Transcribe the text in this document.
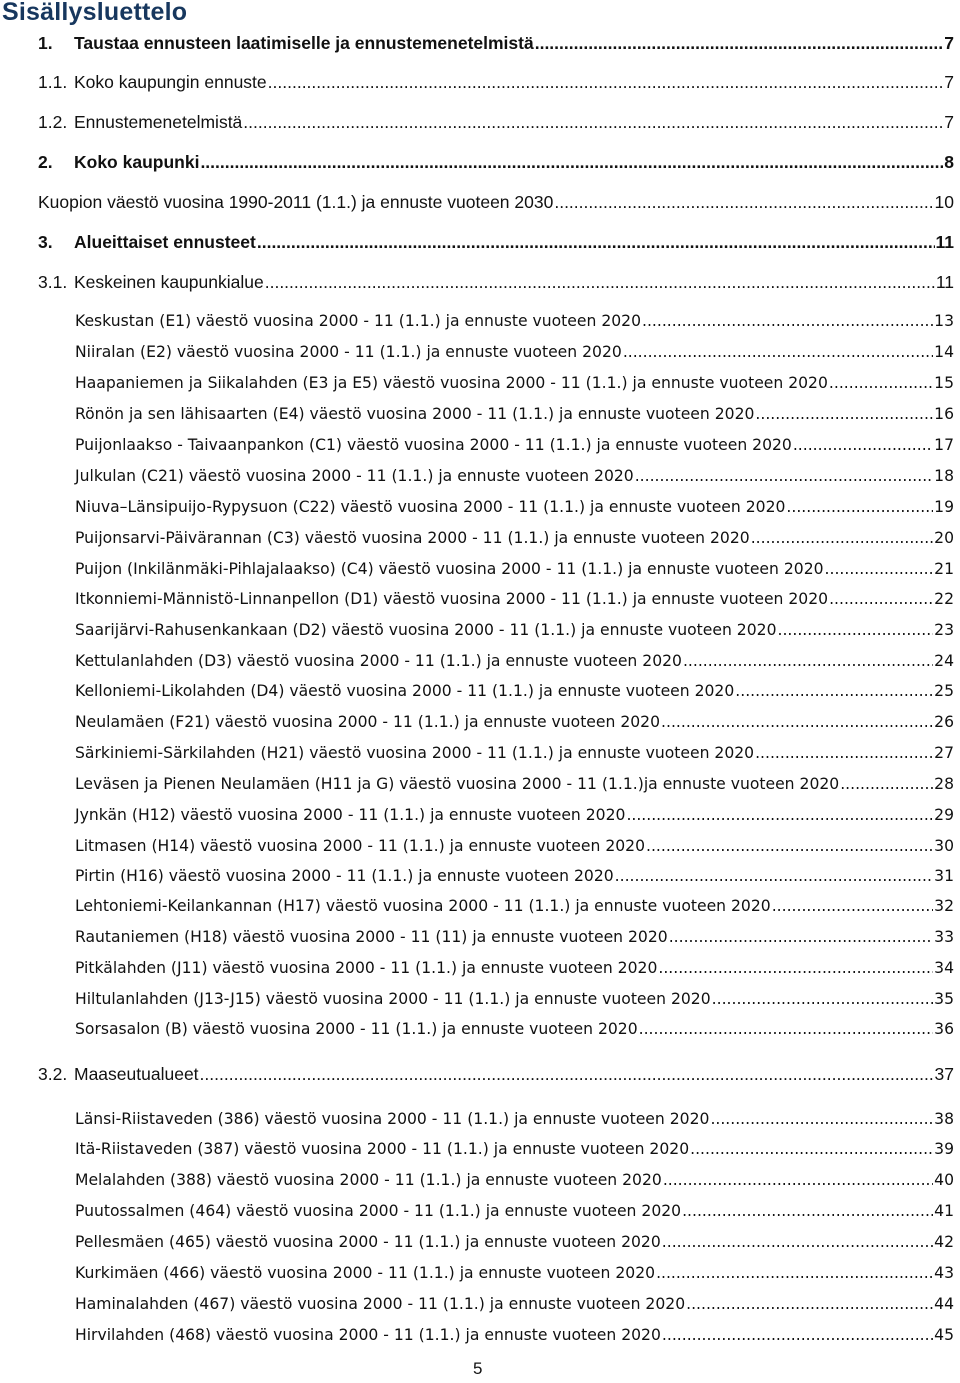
Sisällysluettelo
1.	Taustaa ennusteen laatimiselle ja ennustemenetelmistä .....	7
1.1. Koko kaupungin ennuste .....	7
1.2. Ennustemenetelmistä .....	7
2.	Koko kaupunki .....	8
Kuopion väestö vuosina 1990-2011 (1.1.) ja ennuste vuoteen 2030 .....	10
3.	Alueittaiset ennusteet .....	11
3.1. Keskeinen kaupunkialue .....	11
Keskustan (E1) väestö vuosina 2000 - 11 (1.1.) ja ennuste vuoteen 2020 .....	13
Niiralan (E2) väestö vuosina 2000 - 11 (1.1.) ja ennuste vuoteen 2020 .....	14
Haapaniemen ja Siikalahden (E3 ja E5) väestö vuosina 2000 - 11 (1.1.) ja ennuste vuoteen 2020 .....	15
Rönön ja sen lähisaarten (E4) väestö vuosina 2000 - 11 (1.1.) ja ennuste vuoteen 2020 .....	16
Puijonlaakso - Taivaanpankon (C1) väestö vuosina 2000 - 11 (1.1.) ja ennuste vuoteen 2020 .....	17
Julkulan (C21) väestö vuosina 2000 - 11 (1.1.) ja ennuste vuoteen 2020 .....	18
Niuva–Länsipuijo-Rypysuon (C22) väestö vuosina 2000 - 11 (1.1.) ja ennuste vuoteen 2020 .....	19
Puijonsarvi-Päivärannan (C3) väestö vuosina 2000 - 11 (1.1.) ja ennuste vuoteen 2020 .....	20
Puijon (Inkilänmäki-Pihlajalaakso) (C4) väestö vuosina 2000 - 11 (1.1.) ja ennuste vuoteen 2020 .....	21
Itkonniemi-Männistö-Linnanpellon (D1) väestö vuosina 2000 - 11 (1.1.) ja ennuste vuoteen 2020 .....	22
Saarijärvi-Rahusenkankaan (D2) väestö vuosina 2000 - 11 (1.1.) ja ennuste vuoteen 2020 .....	23
Kettulanlahden (D3) väestö vuosina 2000 - 11 (1.1.) ja ennuste vuoteen 2020 .....	24
Kelloniemi-Likolahden (D4) väestö vuosina 2000 - 11 (1.1.) ja ennuste vuoteen 2020 .....	25
Neulamäen (F21) väestö vuosina 2000 - 11 (1.1.) ja ennuste vuoteen 2020 .....	26
Särkiniemi-Särkilahden (H21) väestö vuosina 2000 - 11 (1.1.) ja ennuste vuoteen 2020 .....	27
Leväsen ja Pienen Neulamäen (H11 ja G) väestö vuosina 2000 - 11 (1.1.)ja ennuste vuoteen 2020 .....	28
Jynkän (H12) väestö vuosina 2000 - 11 (1.1.) ja ennuste vuoteen 2020 .....	29
Litmasen (H14) väestö vuosina 2000 - 11 (1.1.) ja ennuste vuoteen 2020 .....	30
Pirtin (H16) väestö vuosina 2000 - 11 (1.1.) ja ennuste vuoteen 2020 .....	31
Lehtoniemi-Keilankannan (H17) väestö vuosina 2000 - 11 (1.1.) ja ennuste vuoteen 2020 .....	32
Rautaniemen (H18) väestö vuosina 2000 - 11 (11) ja ennuste vuoteen 2020 .....	33
Pitkälahden (J11) väestö vuosina 2000 - 11 (1.1.) ja ennuste vuoteen 2020 .....	34
Hiltulanlahden (J13-J15) väestö vuosina 2000 - 11 (1.1.) ja ennuste vuoteen 2020 .....	35
Sorsasalon (B) väestö vuosina 2000 - 11 (1.1.) ja ennuste vuoteen 2020 .....	36
3.2. Maaseutualueet .....	37
Länsi-Riistaveden (386) väestö vuosina 2000 - 11 (1.1.) ja ennuste vuoteen 2020 .....	38
Itä-Riistaveden (387) väestö vuosina 2000 - 11 (1.1.) ja ennuste vuoteen 2020 .....	39
Melalahden (388) väestö vuosina 2000 - 11 (1.1.) ja ennuste vuoteen 2020 .....	40
Puutossalmen (464) väestö vuosina 2000 - 11 (1.1.) ja ennuste vuoteen 2020 .....	41
Pellesmäen (465) väestö vuosina 2000 - 11 (1.1.) ja ennuste vuoteen 2020 .....	42
Kurkimäen (466) väestö vuosina 2000 - 11 (1.1.) ja ennuste vuoteen 2020 .....	43
Haminalahden (467) väestö vuosina 2000 - 11 (1.1.) ja ennuste vuoteen 2020 .....	44
Hirvilahden (468) väestö vuosina 2000 - 11 (1.1.) ja ennuste vuoteen 2020 .....	45
5
